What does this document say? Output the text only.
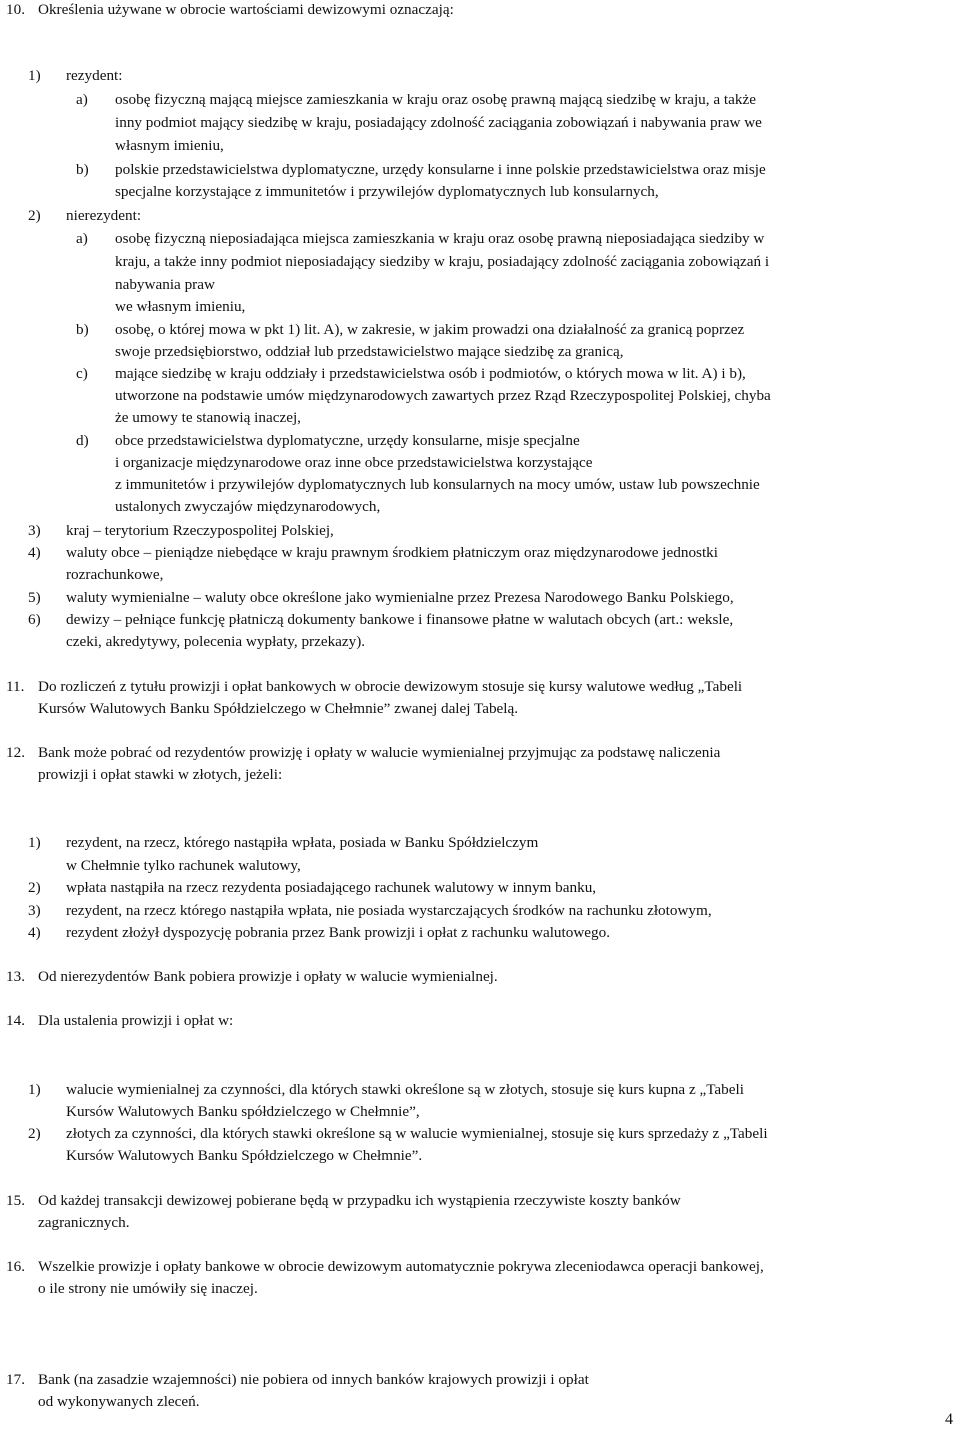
10. Określenia używane w obrocie wartościami dewizowymi oznaczają:
1) rezydent:
a) osobę fizyczną mającą miejsce zamieszkania w kraju oraz osobę prawną mającą siedzibę w kraju, a także
inny podmiot mający siedzibę w kraju, posiadający zdolność zaciągania zobowiązań i nabywania praw we
własnym imieniu,
b) polskie przedstawicielstwa dyplomatyczne, urzędy konsularne i inne polskie przedstawicielstwa oraz misje
specjalne korzystające z immunitetów i przywilejów dyplomatycznych lub konsularnych,
2) nierezydent:
a) osobę fizyczną nieposiadająca miejsca zamieszkania w kraju oraz osobę prawną nieposiadająca siedziby w
kraju, a także inny podmiot nieposiadający siedziby w kraju, posiadający zdolność zaciągania zobowiązań i
nabywania praw
we własnym imieniu,
b) osobę, o której mowa w pkt 1) lit. A), w zakresie, w jakim prowadzi ona działalność za granicą poprzez
swoje przedsiębiorstwo, oddział lub przedstawicielstwo mające siedzibę za granicą,
c) mające siedzibę w kraju oddziały i przedstawicielstwa osób i podmiotów, o których mowa w lit. A) i b),
utworzone na podstawie umów międzynarodowych zawartych przez Rząd Rzeczypospolitej Polskiej, chyba
że umowy te stanowią inaczej,
d) obce przedstawicielstwa dyplomatyczne, urzędy konsularne, misje specjalne
i organizacje międzynarodowe oraz inne obce przedstawicielstwa korzystające
z immunitetów i przywilejów dyplomatycznych lub konsularnych na mocy umów, ustaw lub powszechnie
ustalonych zwyczajów międzynarodowych,
3) kraj – terytorium Rzeczypospolitej Polskiej,
4) waluty obce – pieniądze niebędące w kraju prawnym środkiem płatniczym oraz międzynarodowe jednostki
rozrachunkowe,
5) waluty wymienialne – waluty obce określone jako wymienialne przez Prezesa Narodowego Banku Polskiego,
6) dewizy – pełniące funkcję płatniczą dokumenty bankowe i finansowe płatne w walutach obcych (art.: weksle,
czeki, akredytywy, polecenia wypłaty, przekazy).
11. Do rozliczeń z tytułu prowizji i opłat bankowych w obrocie dewizowym stosuje się kursy walutowe według „Tabeli
Kursów Walutowych Banku Spółdzielczego w Chełmnie” zwanej dalej Tabelą.
12. Bank może pobrać od rezydentów prowizję i opłaty w walucie wymienialnej przyjmując za podstawę naliczenia
prowizji i opłat stawki w złotych, jeżeli:
1) rezydent, na rzecz, którego nastąpiła wpłata, posiada w Banku Spółdzielczym
w Chełmnie tylko rachunek walutowy,
2) wpłata nastąpiła na rzecz rezydenta posiadającego rachunek walutowy w innym banku,
3) rezydent, na rzecz którego nastąpiła wpłata, nie posiada wystarczających środków na rachunku złotowym,
4) rezydent złożył dyspozycję pobrania przez Bank prowizji i opłat z rachunku walutowego.
13. Od nierezydentów Bank pobiera prowizje i opłaty w walucie wymienialnej.
14. Dla ustalenia prowizji i opłat w:
1) walucie wymienialnej za czynności, dla których stawki określone są w złotych, stosuje się kurs kupna z „Tabeli
Kursów Walutowych Banku spółdzielczego w Chełmnie”,
2) złotych za czynności, dla których stawki określone są w walucie wymienialnej, stosuje się kurs sprzedaży z „Tabeli
Kursów Walutowych Banku Spółdzielczego w Chełmnie”.
15. Od każdej transakcji dewizowej pobierane będą w przypadku ich wystąpienia rzeczywiste koszty banków
zagranicznych.
16. Wszelkie prowizje i opłaty bankowe w obrocie dewizowym automatycznie pokrywa zleceniodawca operacji bankowej,
o ile strony nie umówiły się inaczej.
17. Bank (na zasadzie wzajemności) nie pobiera od innych banków krajowych prowizji i opłat
od wykonywanych zleceń.
4
